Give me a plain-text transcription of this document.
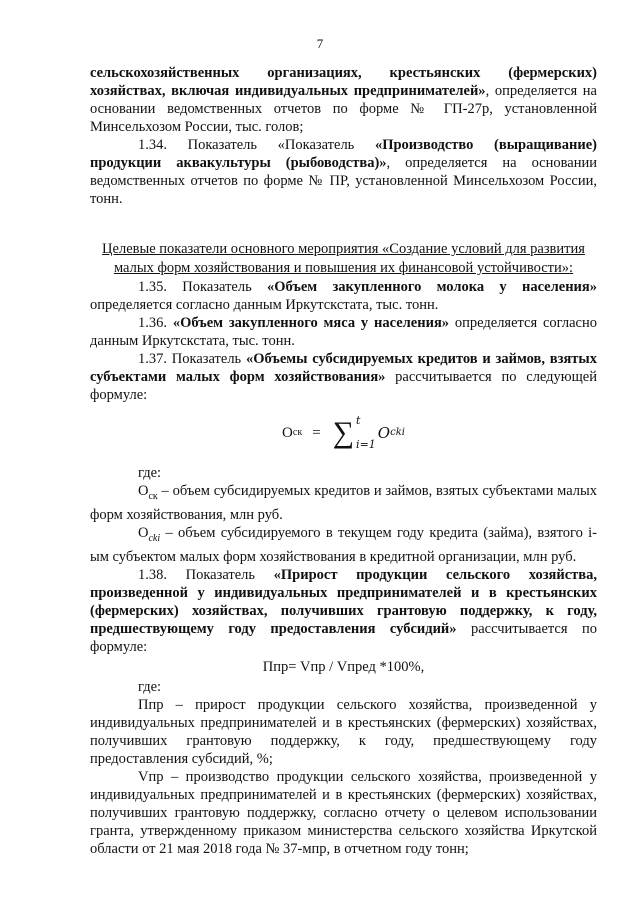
7

сельскохозяйственных организациях, крестьянских (фермерских) хозяйствах, включая индивидуальных предпринимателей», определяется на основании ведомственных отчетов по форме № ГП-27р, установленной Минсельхозом России, тыс. голов;

1.34. Показатель «Показатель «Производство (выращивание) продукции аквакультуры (рыбоводства)», определяется на основании ведомственных отчетов по форме № ПР, установленной Минсельхозом России, тонн.

Целевые показатели основного мероприятия «Создание условий для развития малых форм хозяйствования и повышения их финансовой устойчивости»:

1.35. Показатель «Объем закупленного молока у населения» определяется согласно данным Иркутскстата, тыс. тонн.

1.36. «Объем закупленного мяса у населения» определяется согласно данным Иркутскстата, тыс. тонн.

1.37. Показатель «Объемы субсидируемых кредитов и займов, взятых субъектами малых форм хозяйствования» рассчитывается по следующей формуле:

О ск = ∑ t
i=1
O cki

где:

$О_{ск}$ – объем субсидируемых кредитов и займов, взятых субъектами малых форм хозяйствования, млн руб.

$О_{cki}$ – объем субсидируемого в текущем году кредита (займа), взятого i-ым субъектом малых форм хозяйствования в кредитной организации, млн руб.

1.38. Показатель «Прирост продукции сельского хозяйства, произведенной у индивидуальных предпринимателей и в крестьянских (фермерских) хозяйствах, получивших грантовую поддержку, к году, предшествующему году предоставления субсидий» рассчитывается по формуле:

Ппр= Vпр / Vпред *100%,

где:

Ппр – прирост продукции сельского хозяйства, произведенной у индивидуальных предпринимателей и в крестьянских (фермерских) хозяйствах, получивших грантовую поддержку, к году, предшествующему году предоставления субсидий, %;

Vпр – производство продукции сельского хозяйства, произведенной у индивидуальных предпринимателей и в крестьянских (фермерских) хозяйствах, получивших грантовую поддержку, согласно отчету о целевом использовании гранта, утвержденному приказом министерства сельского хозяйства Иркутской области от 21 мая 2018 года № 37-мпр, в отчетном году тонн;
